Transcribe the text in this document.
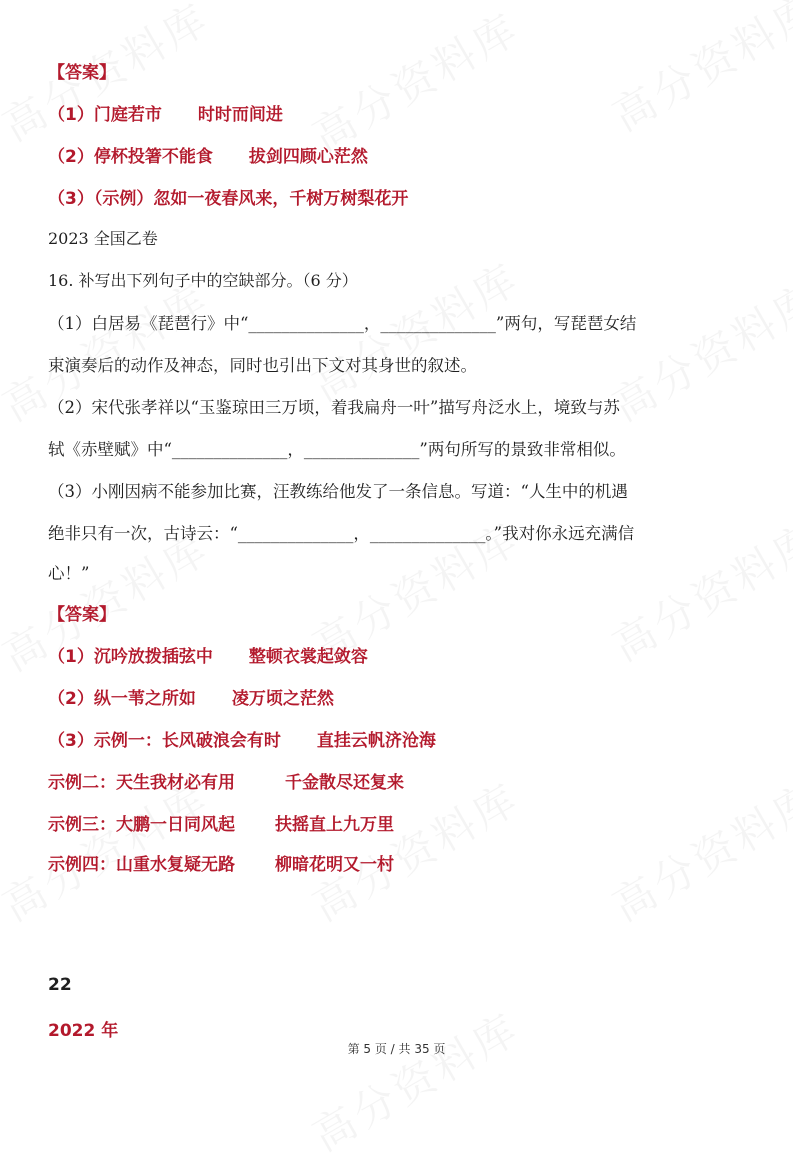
【答案】
（1）门庭若市 时时而间进
（2）停杯投箸不能食 拔剑四顾心茫然
（3）（示例）忽如一夜春风来，千树万树梨花开
2023 全国乙卷
16. 补写出下列句子中的空缺部分。（6 分）
（1）白居易《琵琶行》中“______________，______________”两句，写琵琶女结
束演奏后的动作及神态，同时也引出下文对其身世的叙述。
（2）宋代张孝祥以“玉鉴琼田三万顷，着我扁舟一叶”描写舟泛水上，境致与苏
轼《赤壁赋》中“______________，______________”两句所写的景致非常相似。
（3）小刚因病不能参加比赛，汪教练给他发了一条信息。写道：“人生中的机遇
绝非只有一次，古诗云：“______________，______________。”我对你永远充满信
心！”
【答案】
（1）沉吟放拨插弦中 整顿衣裳起敛容
（2）纵一苇之所如 凌万顷之茫然
（3）示例一：长风破浪会有时 直挂云帆济沧海
示例二：天生我材必有用	千金散尽还复来
示例三：大鹏一日同风起 扶摇直上九万里
示例四：山重水复疑无路 柳暗花明又一村
22
2022 年
第 5 页 / 共 35 页
